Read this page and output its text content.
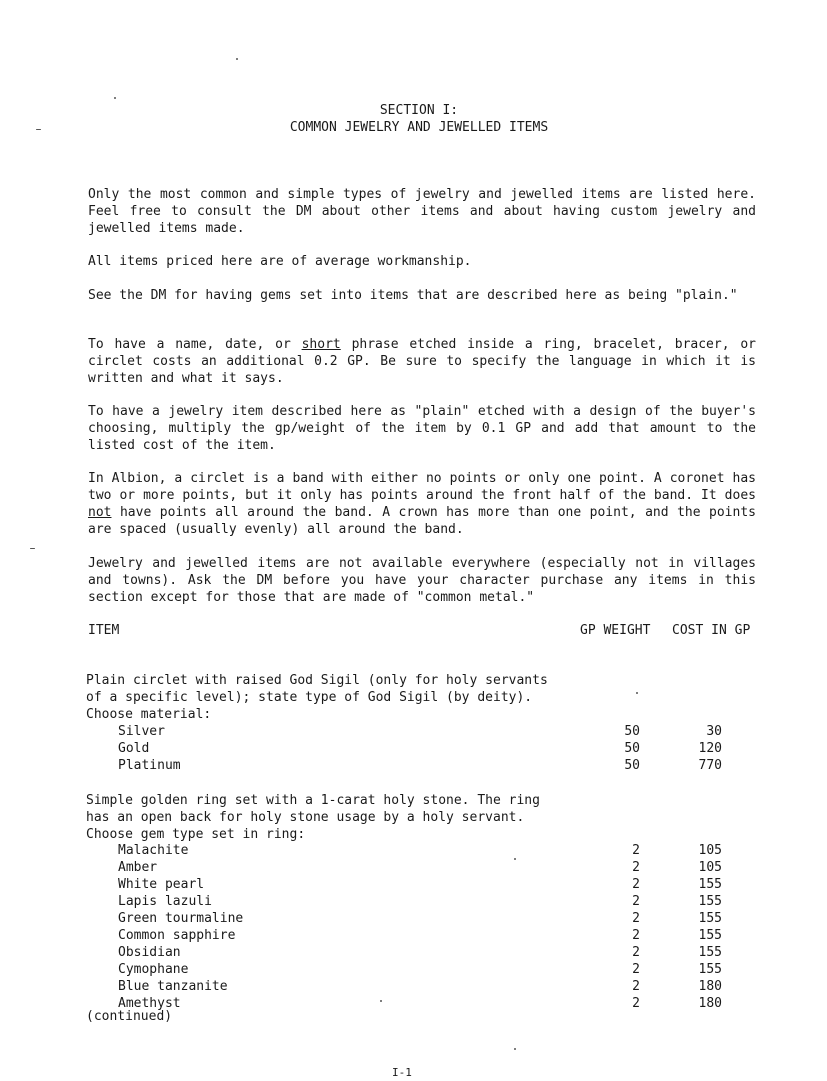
SECTION I:
COMMON JEWELRY AND JEWELLED ITEMS
Only the most common and simple types of jewelry and jewelled items are listed here. Feel free to consult the DM about other items and about having custom jewelry and jewelled items made.
All items priced here are of average workmanship.
See the DM for having gems set into items that are described here as being "plain."
To have a name, date, or short phrase etched inside a ring, bracelet, bracer, or circlet costs an additional 0.2 GP. Be sure to specify the language in which it is written and what it says.
To have a jewelry item described here as "plain" etched with a design of the buyer's choosing, multiply the gp/weight of the item by 0.1 GP and add that amount to the listed cost of the item.
In Albion, a circlet is a band with either no points or only one point. A coronet has two or more points, but it only has points around the front half of the band. It does not have points all around the band. A crown has more than one point, and the points are spaced (usually evenly) all around the band.
Jewelry and jewelled items are not available everywhere (especially not in villages and towns). Ask the DM before you have your character purchase any items in this section except for those that are made of "common metal."
ITEM	GP WEIGHT COST IN GP
Plain circlet with raised God Sigil (only for holy servants
of a specific level); state type of God Sigil (by deity).
Choose material:
Silver	50	30
Gold	50	120
Platinum	50	770
Simple golden ring set with a 1-carat holy stone. The ring
has an open back for holy stone usage by a holy servant.
Choose gem type set in ring:
Malachite	2	105
Amber	2	105
White pearl	2	155
Lapis lazuli	2	155
Green tourmaline	2	155
Common sapphire	2	155
Obsidian	2	155
Cymophane	2	155
Blue tanzanite	2	180
Amethyst	2	180
(continued)
I-1
